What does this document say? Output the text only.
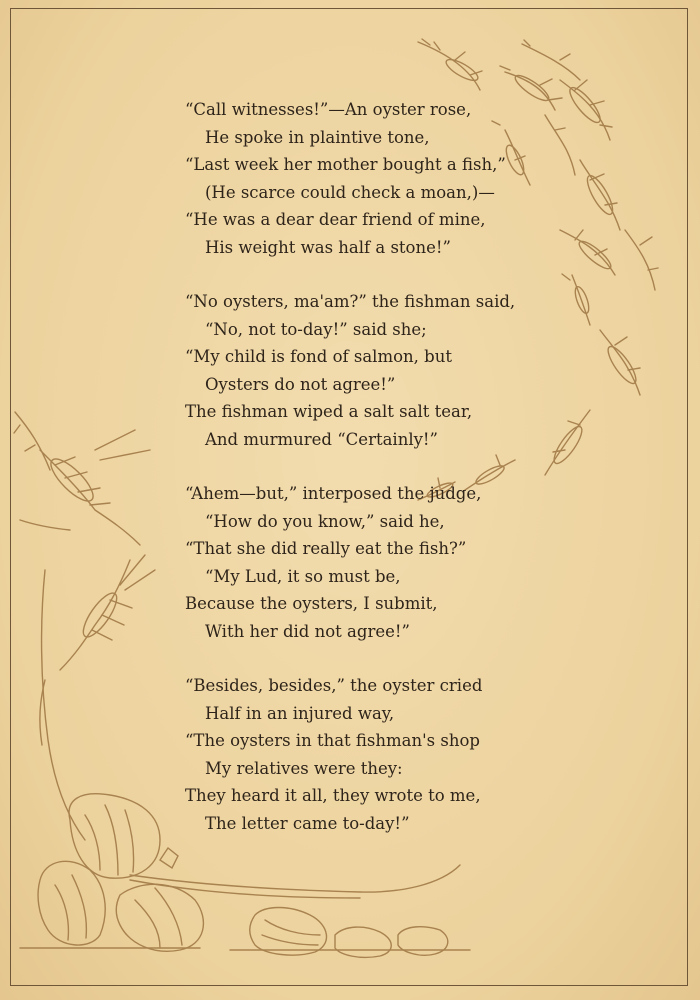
“Call witnesses!”—An oyster rose,
He spoke in plaintive tone,
“Last week her mother bought a fish,”
(He scarce could check a moan,)—
“He was a dear dear friend of mine,
His weight was half a stone!”
“No oysters, ma'am?” the fishman said,
“No, not to-day!” said she;
“My child is fond of salmon, but
Oysters do not agree!”
The fishman wiped a salt salt tear,
And murmured “Certainly!”
“Ahem—but,” interposed the judge,
“How do you know,” said he,
“That she did really eat the fish?”
“My Lud, it so must be,
Because the oysters, I submit,
With her did not agree!”
“Besides, besides,” the oyster cried
Half in an injured way,
“The oysters in that fishman's shop
My relatives were they:
They heard it all, they wrote to me,
The letter came to-day!”
